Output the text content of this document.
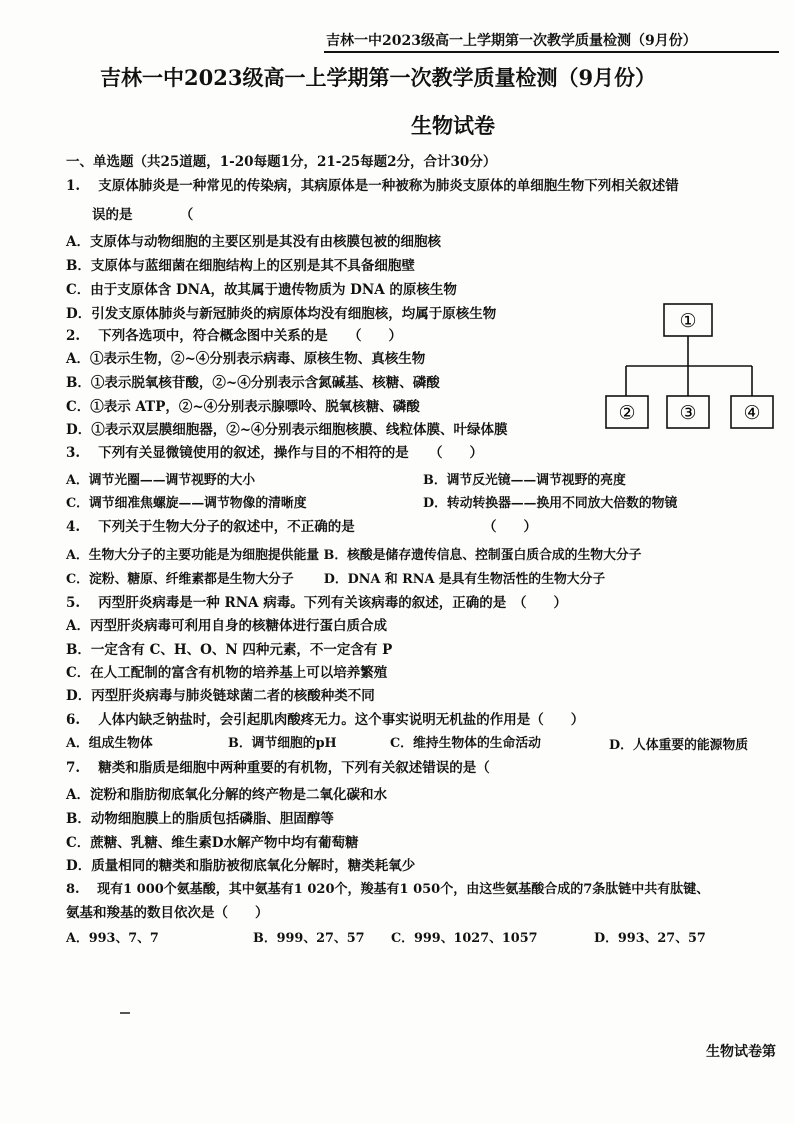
吉林一中2023级高一上学期第一次教学质量检测（9月份）
吉林一中2023级高一上学期第一次教学质量检测（9月份）
生物试卷
一、单选题（共25道题，1-20每题1分，21-25每题2分，合计30分）
1.　 支原体肺炎是一种常见的传染病，其病原体是一种被称为肺炎支原体的单细胞生物下列相关叙述错
误的是　　　　（
A．支原体与动物细胞的主要区别是其没有由核膜包被的细胞核
B．支原体与蓝细菌在细胞结构上的区别是其不具备细胞壁
C．由于支原体含 DNA，故其属于遗传物质为 DNA 的原核生物
D．引发支原体肺炎与新冠肺炎的病原体均没有细胞核，均属于原核生物
2.　 下列各选项中，符合概念图中关系的是　　（　　）
A．①表示生物，②~④分别表示病毒、原核生物、真核生物
B．①表示脱氧核苷酸，②~④分别表示含氮碱基、核糖、磷酸
C．①表示 ATP，②~④分别表示腺嘌呤、脱氧核糖、磷酸
D．①表示双层膜细胞器，②~④分别表示细胞核膜、线粒体膜、叶绿体膜
①
② ③ ④
3.　 下列有关显微镜使用的叙述，操作与目的不相符的是　　（　　）
A．调节光圈——调节视野的大小	B．调节反光镜——调节视野的亮度
C．调节细准焦螺旋——调节物像的清晰度	D．转动转换器——换用不同放大倍数的物镜
4.　 下列关于生物大分子的叙述中，不正确的是　　　　　　　　　　（　　）
A．生物大分子的主要功能是为细胞提供能量 B．核酸是储存遗传信息、控制蛋白质合成的生物大分子
C．淀粉、糖原、纤维素都是生物大分子　　 D．DNA 和 RNA 是具有生物活性的生物大分子
5.　 丙型肝炎病毒是一种 RNA 病毒。下列有关该病毒的叙述，正确的是　（　　）
A．丙型肝炎病毒可利用自身的核糖体进行蛋白质合成
B．一定含有 C、H、O、N 四种元素，不一定含有 P
C．在人工配制的富含有机物的培养基上可以培养繁殖
D．丙型肝炎病毒与肺炎链球菌二者的核酸种类不同
6.　 人体内缺乏钠盐时，会引起肌肉酸疼无力。这个事实说明无机盐的作用是（　　）
A．组成生物体	B．调节细胞的pH	C．维持生物体的生命活动	D．人体重要的能源物质
7.　 糖类和脂质是细胞中两种重要的有机物，下列有关叙述错误的是（
A．淀粉和脂肪彻底氧化分解的终产物是二氧化碳和水
B．动物细胞膜上的脂质包括磷脂、胆固醇等
C．蔗糖、乳糖、维生素D水解产物中均有葡萄糖
D．质量相同的糖类和脂肪被彻底氧化分解时，糖类耗氧少
8.　 现有1 000个氨基酸，其中氨基有1 020个，羧基有1 050个，由这些氨基酸合成的7条肽链中共有肽键、
氨基和羧基的数目依次是（　　）
A．993、7、7	B．999、27、57 C．999、1027、1057	D．993、27、57
生物试卷第
